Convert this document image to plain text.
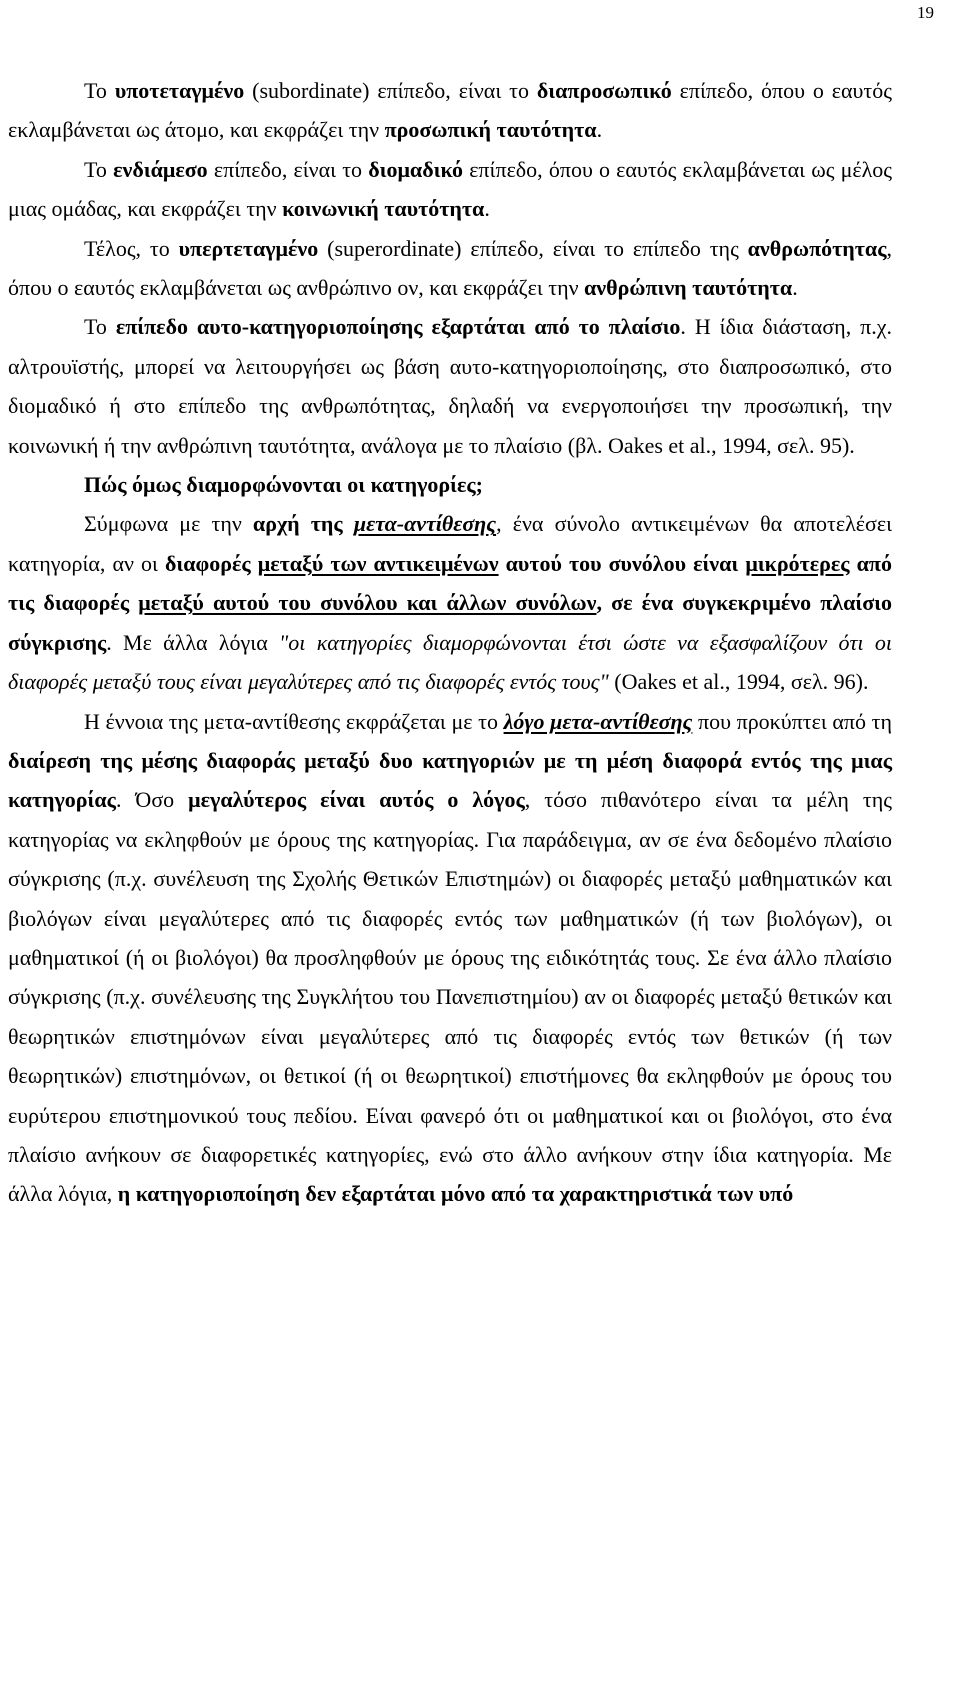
19

Το υποτεταγμένο (subordinate) επίπεδο, είναι το διαπροσωπικό επίπεδο, όπου ο εαυτός εκλαμβάνεται ως άτομο, και εκφράζει την προσωπική ταυτότητα.

Το ενδιάμεσο επίπεδο, είναι το διομαδικό επίπεδο, όπου ο εαυτός εκλαμβάνεται ως μέλος μιας ομάδας, και εκφράζει την κοινωνική ταυτότητα.

Τέλος, το υπερτεταγμένο (superordinate) επίπεδο, είναι το επίπεδο της ανθρωπότητας, όπου ο εαυτός εκλαμβάνεται ως ανθρώπινο ον, και εκφράζει την ανθρώπινη ταυτότητα.

Το επίπεδο αυτο-κατηγοριοποίησης εξαρτάται από το πλαίσιο. Η ίδια διάσταση, π.χ. αλτρουϊστής, μπορεί να λειτουργήσει ως βάση αυτο-κατηγοριοποίησης, στο διαπροσωπικό, στο διομαδικό ή στο επίπεδο της ανθρωπότητας, δηλαδή να ενεργοποιήσει την προσωπική, την κοινωνική ή την ανθρώπινη ταυτότητα, ανάλογα με το πλαίσιο (βλ. Oakes et al., 1994, σελ. 95).

Πώς όμως διαμορφώνονται οι κατηγορίες;

Σύμφωνα με την αρχή της μετα-αντίθεσης, ένα σύνολο αντικειμένων θα αποτελέσει κατηγορία, αν οι διαφορές μεταξύ των αντικειμένων αυτού του συνόλου είναι μικρότερες από τις διαφορές μεταξύ αυτού του συνόλου και άλλων συνόλων, σε ένα συγκεκριμένο πλαίσιο σύγκρισης. Με άλλα λόγια "οι κατηγορίες διαμορφώνονται έτσι ώστε να εξασφαλίζουν ότι οι διαφορές μεταξύ τους είναι μεγαλύτερες από τις διαφορές εντός τους" (Oakes et al., 1994, σελ. 96).

Η έννοια της μετα-αντίθεσης εκφράζεται με το λόγο μετα-αντίθεσης που προκύπτει από τη διαίρεση της μέσης διαφοράς μεταξύ δυο κατηγοριών με τη μέση διαφορά εντός της μιας κατηγορίας. Όσο μεγαλύτερος είναι αυτός ο λόγος, τόσο πιθανότερο είναι τα μέλη της κατηγορίας να εκληφθούν με όρους της κατηγορίας. Για παράδειγμα, αν σε ένα δεδομένο πλαίσιο σύγκρισης (π.χ. συνέλευση της Σχολής Θετικών Επιστημών) οι διαφορές μεταξύ μαθηματικών και βιολόγων είναι μεγαλύτερες από τις διαφορές εντός των μαθηματικών (ή των βιολόγων), οι μαθηματικοί (ή οι βιολόγοι) θα προσληφθούν με όρους της ειδικότητάς τους. Σε ένα άλλο πλαίσιο σύγκρισης (π.χ. συνέλευσης της Συγκλήτου του Πανεπιστημίου) αν οι διαφορές μεταξύ θετικών και θεωρητικών επιστημόνων είναι μεγαλύτερες από τις διαφορές εντός των θετικών (ή των θεωρητικών) επιστημόνων, οι θετικοί (ή οι θεωρητικοί) επιστήμονες θα εκληφθούν με όρους του ευρύτερου επιστημονικού τους πεδίου. Είναι φανερό ότι οι μαθηματικοί και οι βιολόγοι, στο ένα πλαίσιο ανήκουν σε διαφορετικές κατηγορίες, ενώ στο άλλο ανήκουν στην ίδια κατηγορία. Με άλλα λόγια, η κατηγοριοποίηση δεν εξαρτάται μόνο από τα χαρακτηριστικά των υπό
